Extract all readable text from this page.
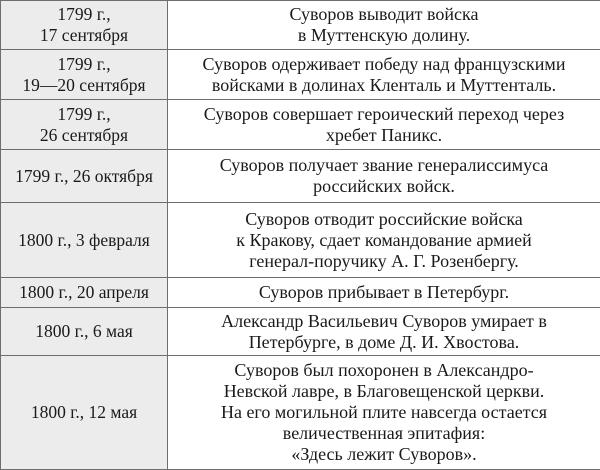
1799 г.,
17 сентября	Суворов выводит войска
в Муттенскую долину.

1799 г.,
19—20 сентября	Суворов одерживает победу над французскими
войсками в долинах Кленталь и Муттенталь.

1799 г.,
26 сентября	Суворов совершает героический переход через
хребет Паникс.

1799 г., 26 октября	Суворов получает звание генералиссимуса
российских войск.

1800 г., 3 февраля	Суворов отводит российские войска
к Кракову, сдает командование армией
генерал-поручику А. Г. Розенбергу.

1800 г., 20 апреля	Суворов прибывает в Петербург.

1800 г., 6 мая	Александр Васильевич Суворов умирает в
Петербурге, в доме Д. И. Хвостова.

1800 г., 12 мая	Суворов был похоронен в Александро-
Невской лавре, в Благовещенской церкви.
На его могильной плите навсегда остается
величественная эпитафия:
«Здесь лежит Суворов».
